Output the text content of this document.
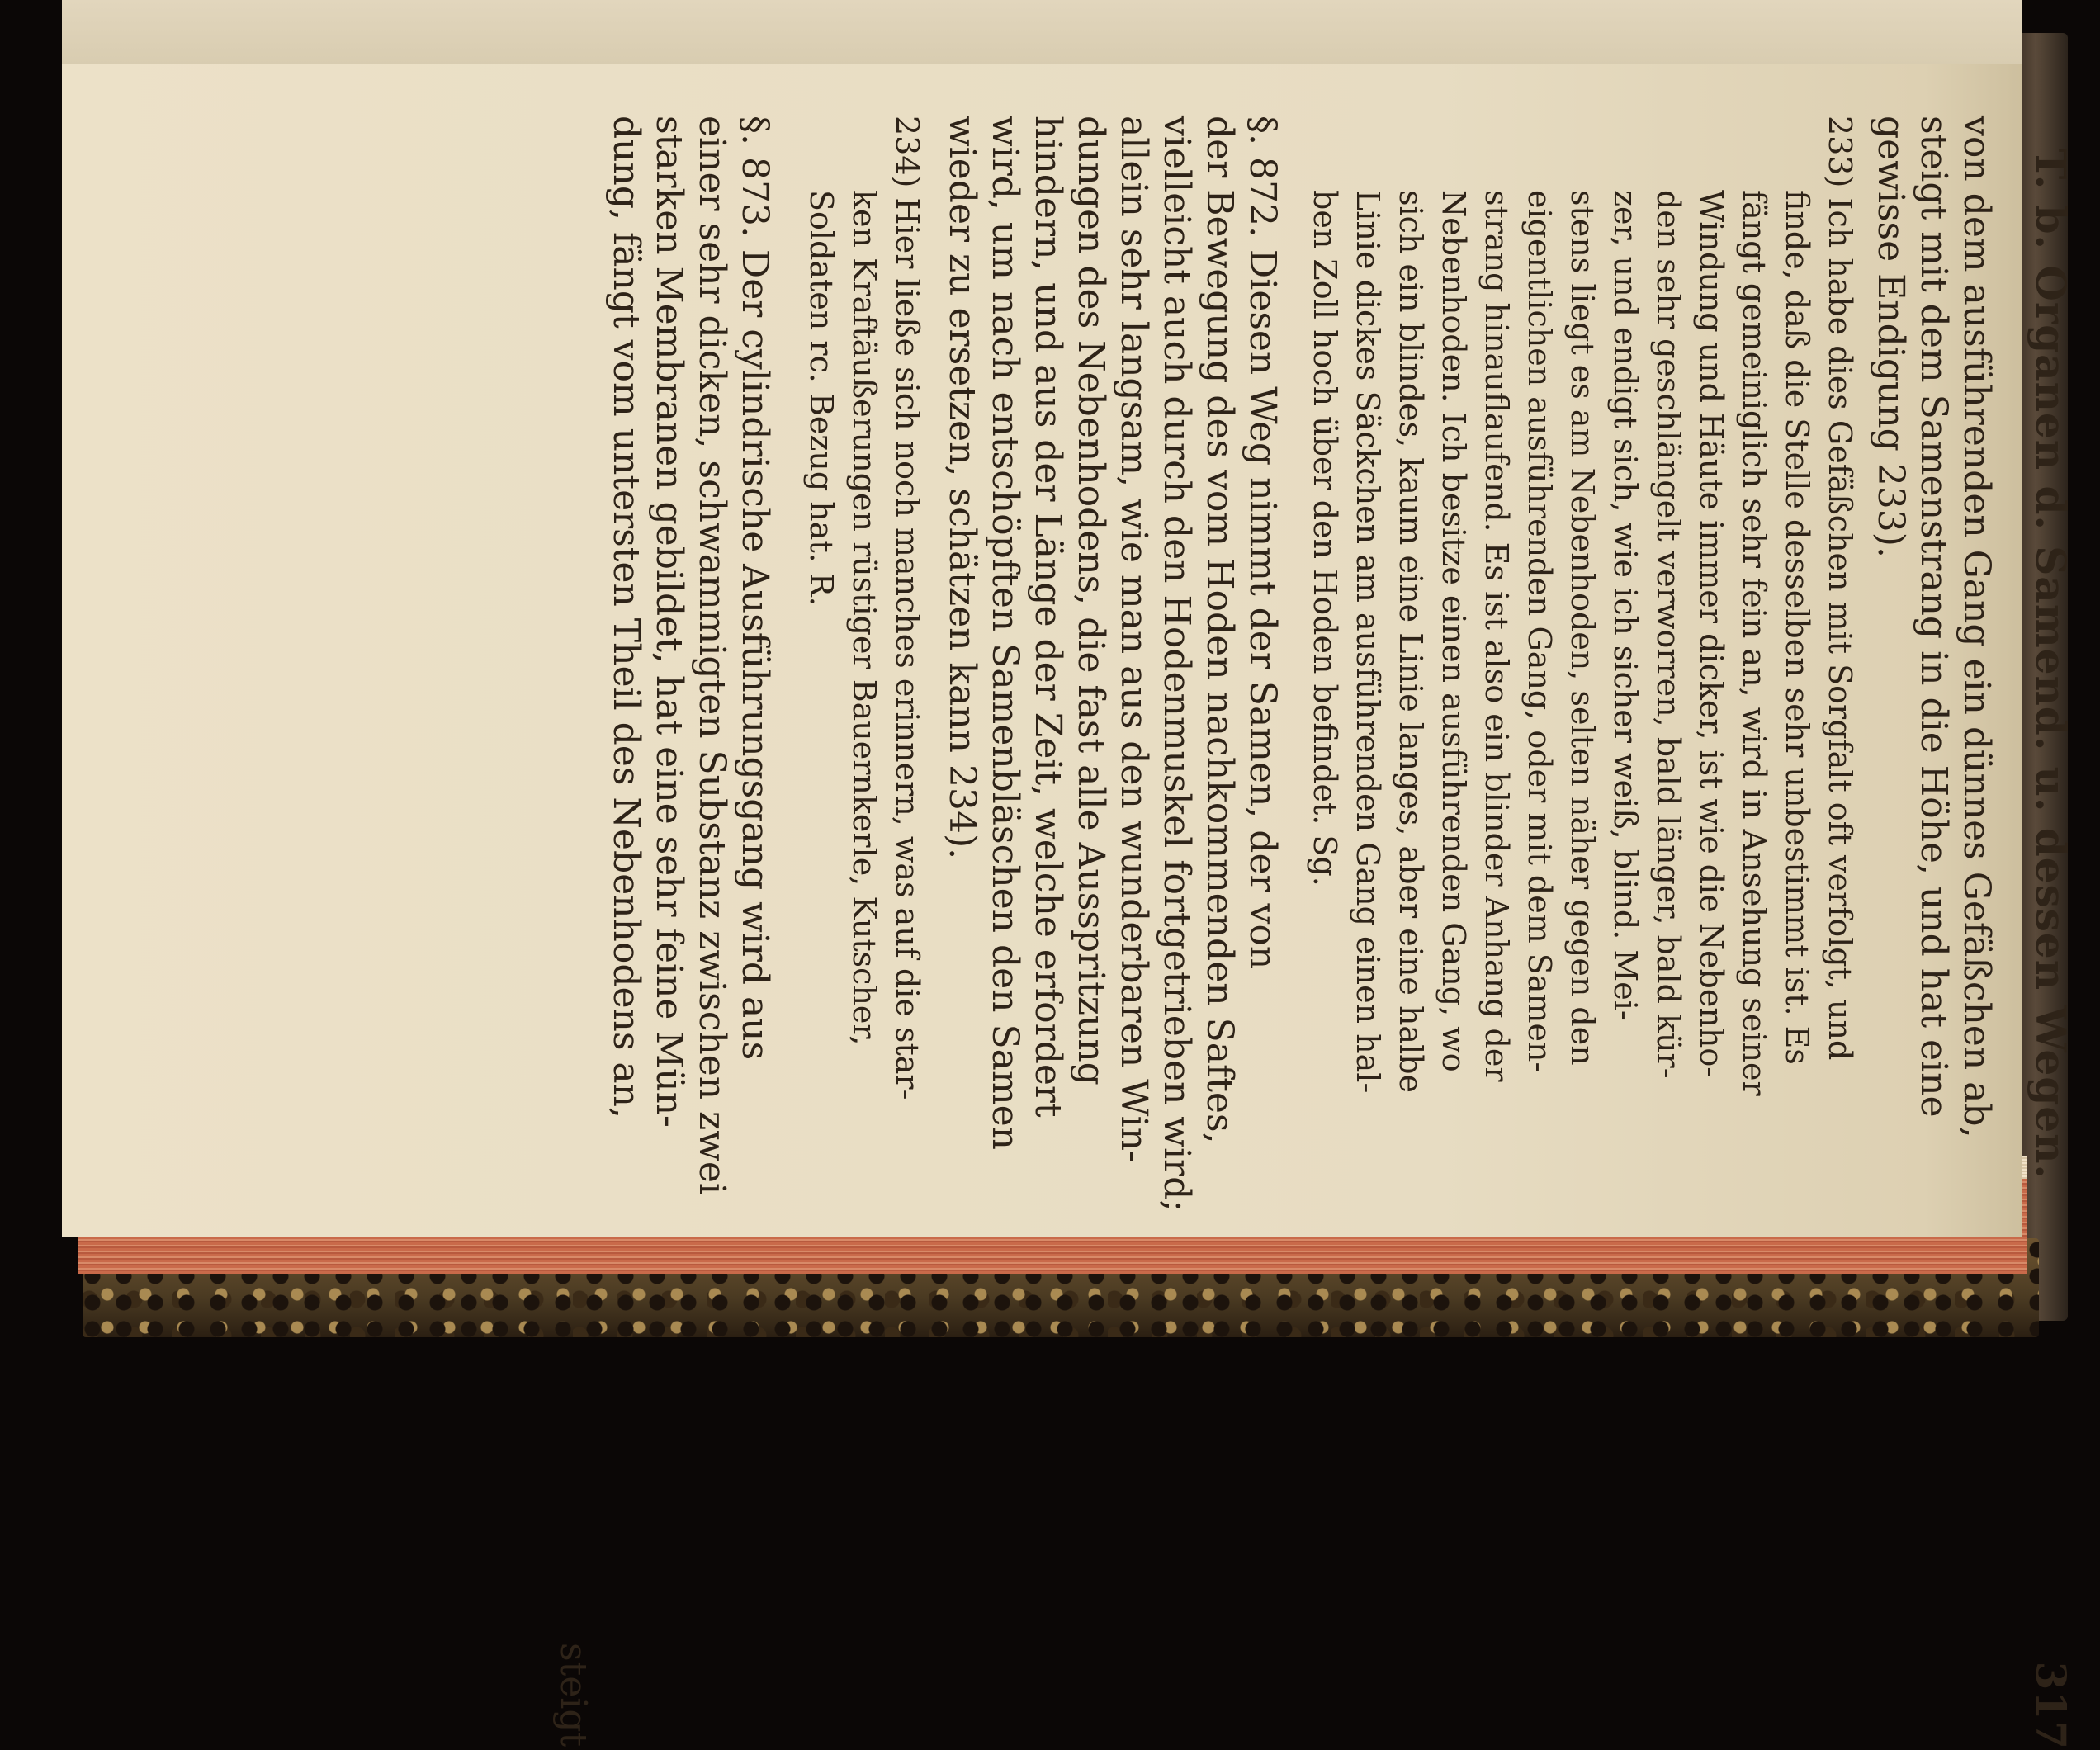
T. b. Organen d. Samend. u. dessen Wegen.
317
von dem ausführenden Gang ein dünnes Gefäßchen ab,
steigt mit dem Samenstrang in die Höhe, und hat eine
gewisse Endigung 233).
233) Ich habe dies Gefäßchen mit Sorgfalt oft verfolgt, und
finde, daß die Stelle desselben sehr unbestimmt ist. Es
fängt gemeiniglich sehr fein an, wird in Ansehung seiner
Windung und Häute immer dicker, ist wie die Nebenho-
den sehr geschlängelt verworren, bald länger, bald kür-
zer, und endigt sich, wie ich sicher weiß, blind. Mei-
stens liegt es am Nebenhoden, selten näher gegen den
eigentlichen ausführenden Gang, oder mit dem Samen-
strang hinauflaufend. Es ist also ein blinder Anhang der
Nebenhoden. Ich besitze einen ausführenden Gang, wo
sich ein blindes, kaum eine Linie langes, aber eine halbe
Linie dickes Säckchen am ausführenden Gang einen hal-
ben Zoll hoch über den Hoden befindet. Sg.
§. 872. Diesen Weg nimmt der Samen, der von
der Bewegung des vom Hoden nachkommenden Saftes,
vielleicht auch durch den Hodenmuskel fortgetrieben wird;
allein sehr langsam, wie man aus den wunderbaren Win-
dungen des Nebenhodens, die fast alle Ausspritzung
hindern, und aus der Länge der Zeit, welche erfordert
wird, um nach entschöpften Samenbläschen den Samen
wieder zu ersetzen, schätzen kann 234).
234) Hier ließe sich noch manches erinnern, was auf die star-
ken Kraftäußerungen rüstiger Bauernkerle, Kutscher,
Soldaten rc. Bezug hat. R.
§. 873. Der cylindrische Ausführungsgang wird aus
einer sehr dicken, schwammigten Substanz zwischen zwei
starken Membranen gebildet, hat eine sehr feine Mün-
dung, fängt vom untersten Theil des Nebenhodens an,
steigt
